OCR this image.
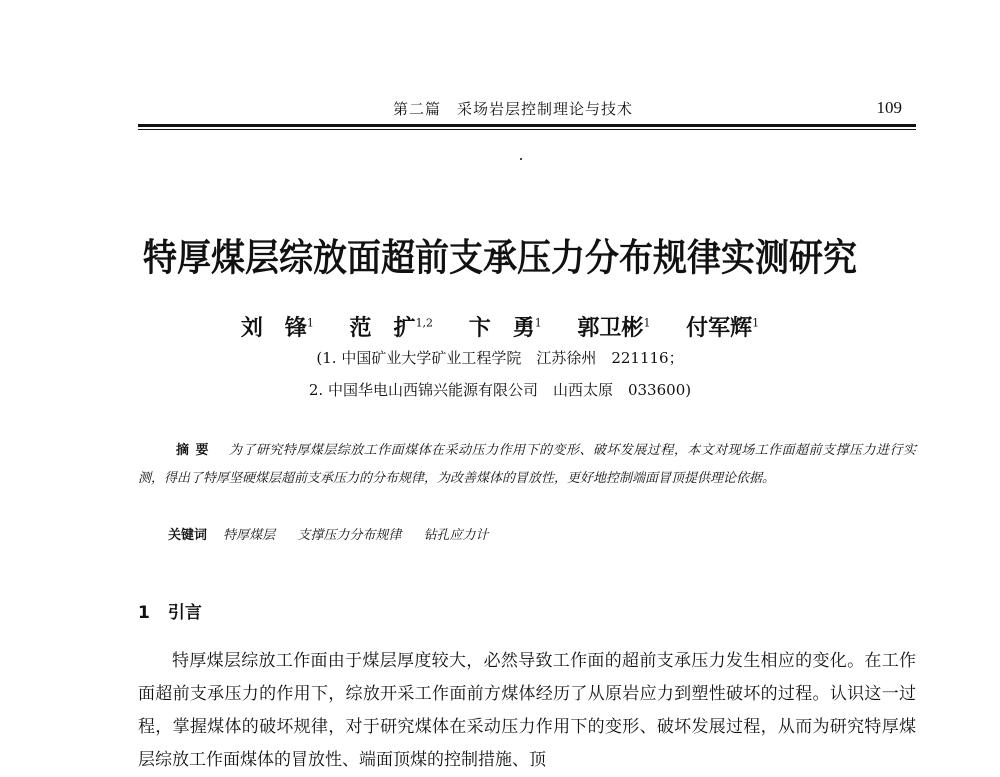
第二篇　采场岩层控制理论与技术	109
特厚煤层综放面超前支承压力分布规律实测研究
刘　锋$^1$ 范　扩$^{1,2}$ 卞　勇$^1$ 郭卫彬$^1$ 付军辉$^1$
(1. 中国矿业大学矿业工程学院　江苏徐州　221116；
2. 中国华电山西锦兴能源有限公司　山西太原　033600)
摘要 为了研究特厚煤层综放工作面煤体在采动压力作用下的变形、破坏发展过程，本文对现场工作面超前支撑压力进行实测，得出了特厚坚硬煤层超前支承压力的分布规律，为改善煤体的冒放性，更好地控制端面冒顶提供理论依据。
关键词 特厚煤层 支撑压力分布规律 钻孔应力计
1 引言
特厚煤层综放工作面由于煤层厚度较大，必然导致工作面的超前支承压力发生相应的变化。在工作面超前支承压力的作用下，综放开采工作面前方煤体经历了从原岩应力到塑性破坏的过程。认识这一过程，掌握煤体的破坏规律，对于研究煤体在采动压力作用下的变形、破坏发展过程，从而为研究特厚煤层综放工作面煤体的冒放性、端面顶煤的控制措施、顶
